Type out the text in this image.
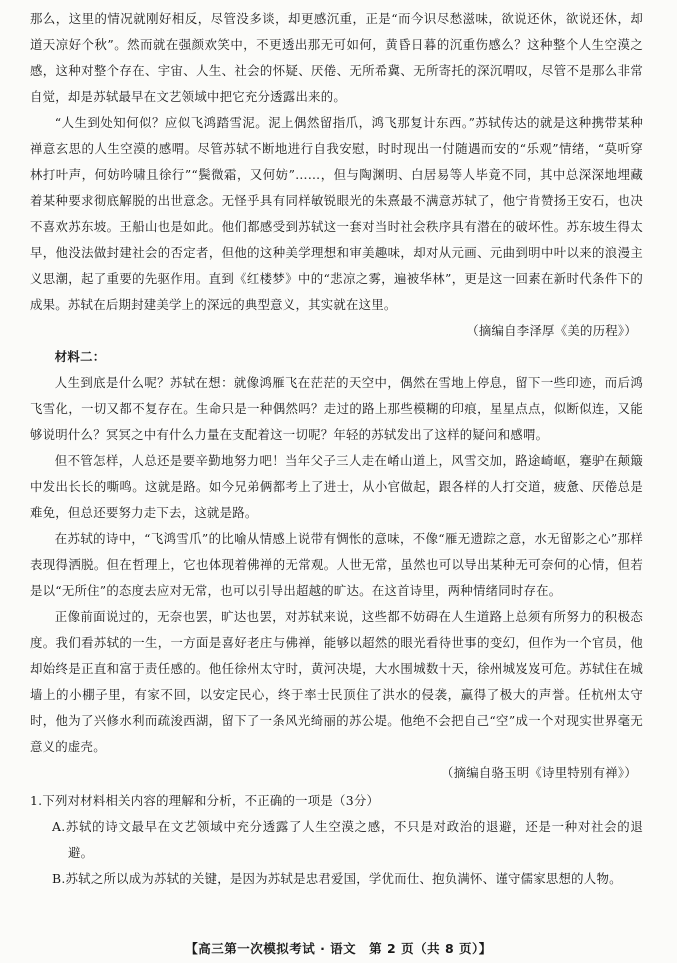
那么，这里的情况就刚好相反，尽管没多谈，却更感沉重，正是“而今识尽愁滋味，欲说还休，欲说还休，却道天凉好个秋”。然而就在强颜欢笑中，不更透出那无可如何，黄昏日暮的沉重伤感么？这种整个人生空漠之感，这种对整个存在、宇宙、人生、社会的怀疑、厌倦、无所希冀、无所寄托的深沉喟叹，尽管不是那么非常自觉，却是苏轼最早在文艺领域中把它充分透露出来的。

“人生到处知何似？应似飞鸿踏雪泥。泥上偶然留指爪，鸿飞那复计东西。”苏轼传达的就是这种携带某种禅意玄思的人生空漠的感喟。尽管苏轼不断地进行自我安慰，时时现出一付随遇而安的“乐观”情绪，“莫听穿林打叶声，何妨吟啸且徐行”“鬓微霜，又何妨”……，但与陶渊明、白居易等人毕竟不同，其中总深深地埋藏着某种要求彻底解脱的出世意念。无怪乎具有同样敏锐眼光的朱熹最不满意苏轼了，他宁肯赞扬王安石，也决不喜欢苏东坡。王船山也是如此。他们都感受到苏轼这一套对当时社会秩序具有潜在的破坏性。苏东坡生得太早，他没法做封建社会的否定者，但他的这种美学理想和审美趣味，却对从元画、元曲到明中叶以来的浪漫主义思潮，起了重要的先驱作用。直到《红楼梦》中的“悲凉之雾，遍被华林”，更是这一回素在新时代条件下的成果。苏轼在后期封建美学上的深远的典型意义，其实就在这里。

（摘编自李泽厚《美的历程》）

材料二：

人生到底是什么呢？苏轼在想：就像鸿雁飞在茫茫的天空中，偶然在雪地上停息，留下一些印迹，而后鸿飞雪化，一切又都不复存在。生命只是一种偶然吗？走过的路上那些模糊的印痕，星星点点，似断似连，又能够说明什么？冥冥之中有什么力量在支配着这一切呢？年轻的苏轼发出了这样的疑问和感喟。

但不管怎样，人总还是要辛勤地努力吧！当年父子三人走在崤山道上，风雪交加，路途崎岖，蹇驴在颠簸中发出长长的嘶鸣。这就是路。如今兄弟俩都考上了进士，从小官做起，跟各样的人打交道，疲惫、厌倦总是难免，但总还要努力走下去，这就是路。

在苏轼的诗中，“飞鸿雪爪”的比喻从情感上说带有惆怅的意味，不像“雁无遗踪之意，水无留影之心”那样表现得洒脱。但在哲理上，它也体现着佛禅的无常观。人世无常，虽然也可以导出某种无可奈何的心情，但若是以“无所住”的态度去应对无常，也可以引导出超越的旷达。在这首诗里，两种情绪同时存在。

正像前面说过的，无奈也罢，旷达也罢，对苏轼来说，这些都不妨碍在人生道路上总须有所努力的积极态度。我们看苏轼的一生，一方面是喜好老庄与佛禅，能够以超然的眼光看待世事的变幻，但作为一个官员，他却始终是正直和富于责任感的。他任徐州太守时，黄河决堤，大水围城数十天，徐州城岌岌可危。苏轼住在城墙上的小棚子里，有家不回，以安定民心，终于率士民顶住了洪水的侵袭，赢得了极大的声誉。任杭州太守时，他为了兴修水利而疏浚西湖，留下了一条风光绮丽的苏公堤。他绝不会把自己“空”成一个对现实世界毫无意义的虚壳。

（摘编自骆玉明《诗里特别有禅》）

1.下列对材料相关内容的理解和分析，不正确的一项是（3分）

A.苏轼的诗文最早在文艺领域中充分透露了人生空漠之感，不只是对政治的退避，还是一种对社会的退避。

B.苏轼之所以成为苏轼的关键，是因为苏轼是忠君爱国，学优而仕、抱负满怀、谨守儒家思想的人物。

【高三第一次模拟考试 · 语文　第 2 页（共 8 页）】
